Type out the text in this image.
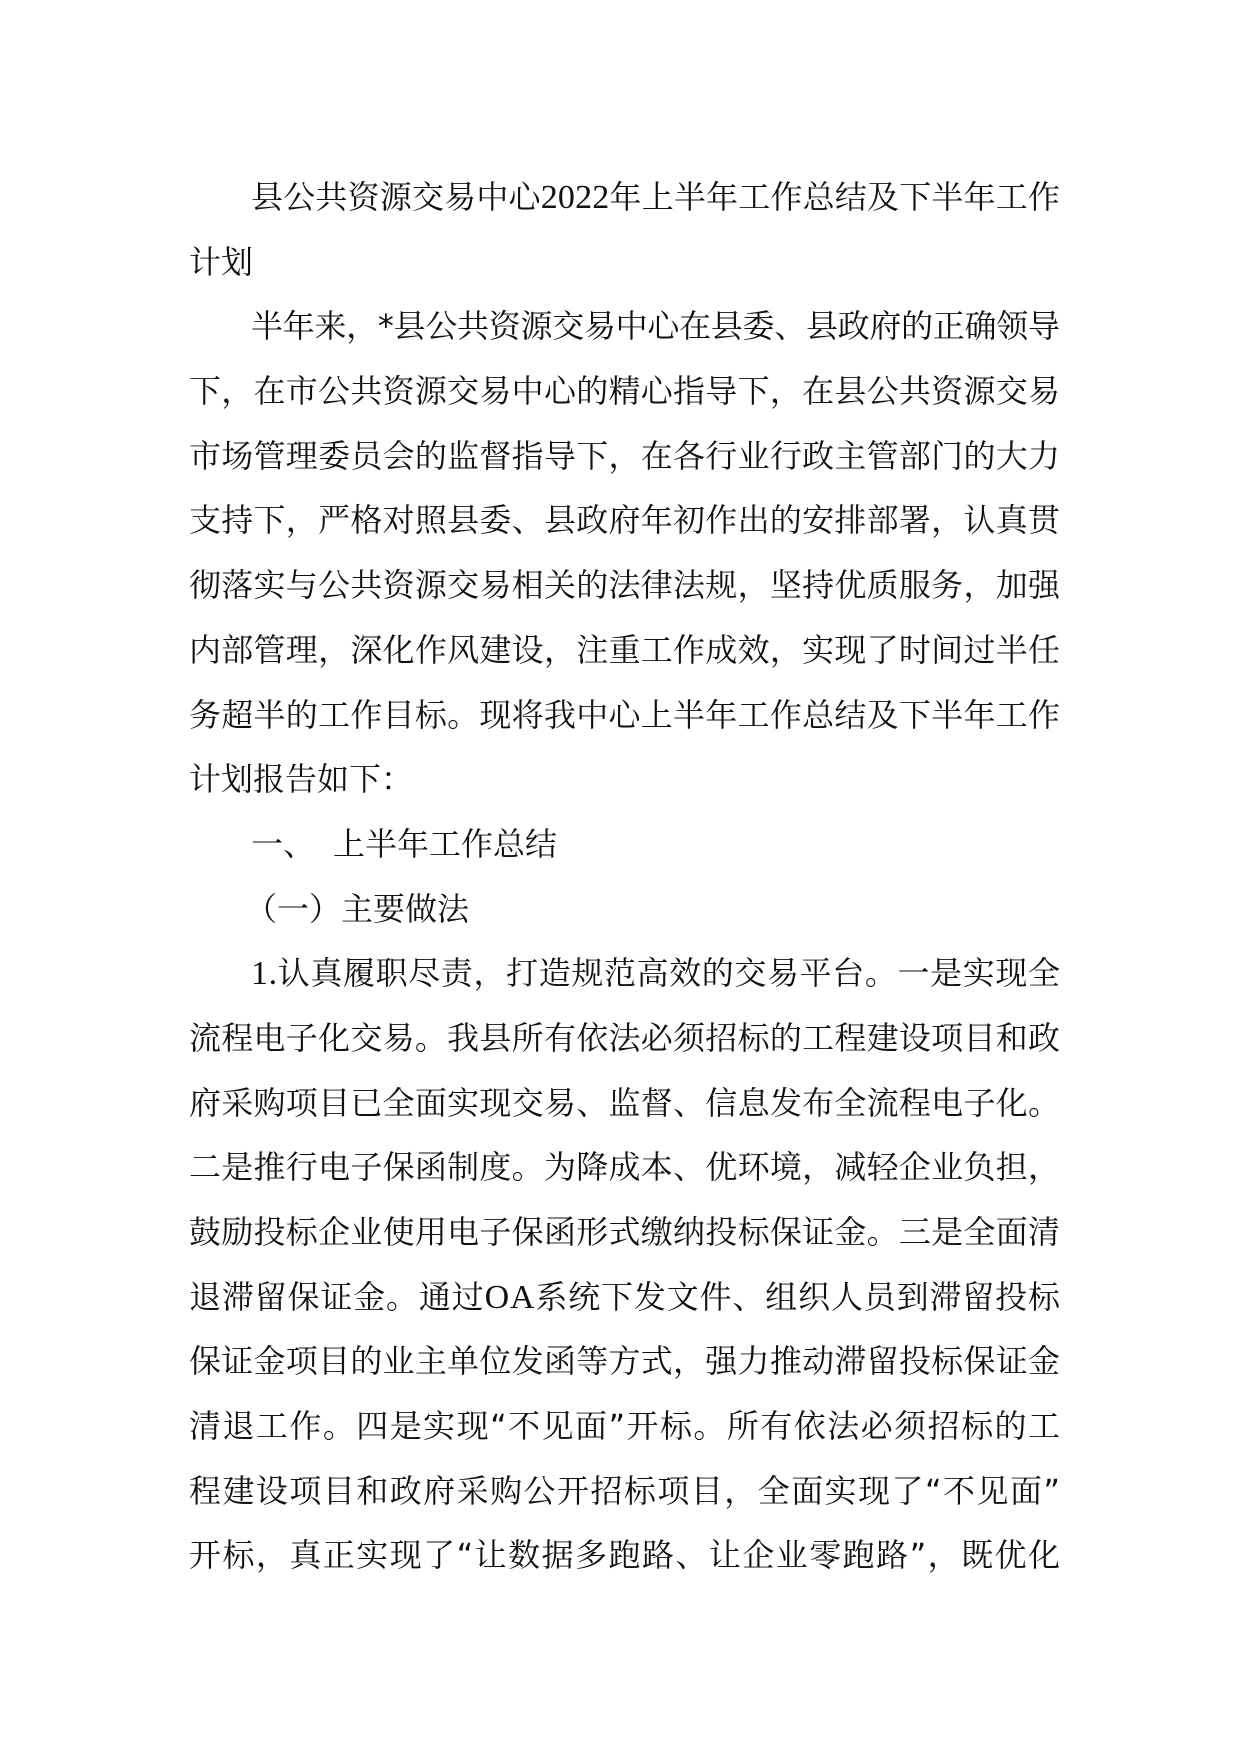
县公共资源交易中心2022年上半年工作总结及下半年工作
计划
半年来，*县公共资源交易中心在县委、县政府的正确领导
下，在市公共资源交易中心的精心指导下，在县公共资源交易
市场管理委员会的监督指导下，在各行业行政主管部门的大力
支持下，严格对照县委、县政府年初作出的安排部署，认真贯
彻落实与公共资源交易相关的法律法规，坚持优质服务，加强
内部管理，深化作风建设，注重工作成效，实现了时间过半任
务超半的工作目标。现将我中心上半年工作总结及下半年工作
计划报告如下：
一、 上半年工作总结
（一）主要做法
1.认真履职尽责，打造规范高效的交易平台。一是实现全
流程电子化交易。我县所有依法必须招标的工程建设项目和政
府采购项目已全面实现交易、监督、信息发布全流程电子化。
二是推行电子保函制度。为降成本、优环境，减轻企业负担，
鼓励投标企业使用电子保函形式缴纳投标保证金。三是全面清
退滞留保证金。通过OA系统下发文件、组织人员到滞留投标
保证金项目的业主单位发函等方式，强力推动滞留投标保证金
清退工作。四是实现“不见面”开标。所有依法必须招标的工
程建设项目和政府采购公开招标项目，全面实现了“不见面”
开标，真正实现了“让数据多跑路、让企业零跑路”，既优化
